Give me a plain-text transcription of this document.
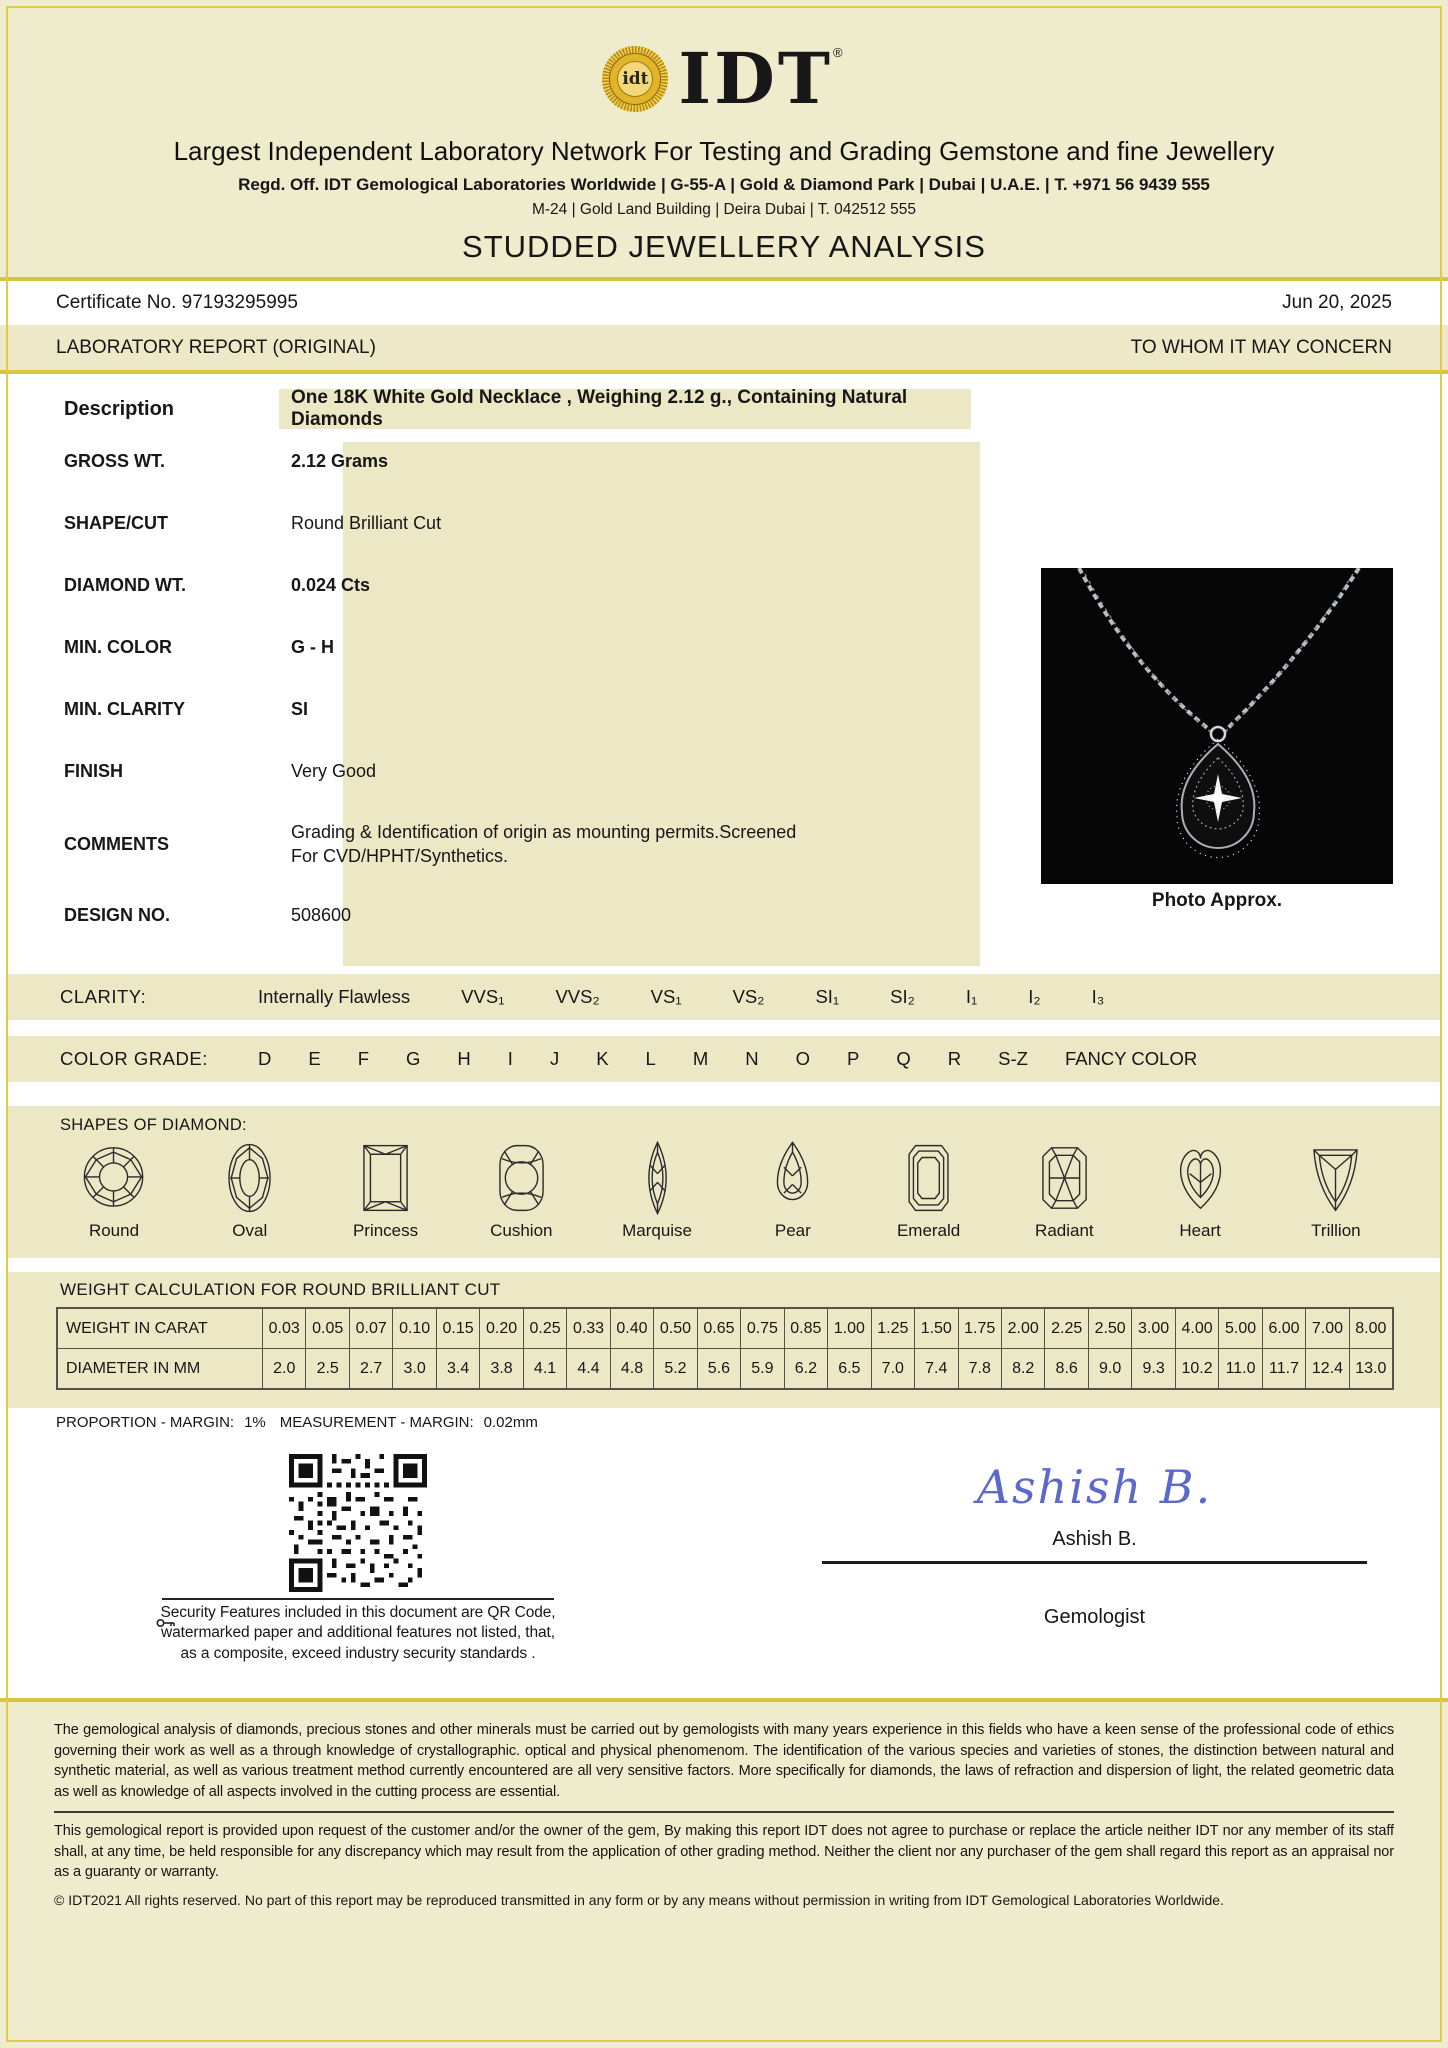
idt IDT®
Largest Independent Laboratory Network For Testing and Grading Gemstone and fine Jewellery
Regd. Off. IDT Gemological Laboratories Worldwide | G-55-A | Gold & Diamond Park | Dubai | U.A.E. | T. +971 56 9439 555
M-24 | Gold Land Building | Deira Dubai | T. 042512 555
STUDDED JEWELLERY ANALYSIS
Certificate No. 97193295995	Jun 20, 2025
LABORATORY REPORT (ORIGINAL)	TO WHOM IT MAY CONCERN
Description	One 18K White Gold Necklace , Weighing 2.12 g., Containing Natural Diamonds
GROSS WT.	2.12 Grams
SHAPE/CUT	Round Brilliant Cut
DIAMOND WT.	0.024 Cts
MIN. COLOR	G - H
MIN. CLARITY	SI
FINISH	Very Good
COMMENTS
Grading & Identification of origin as mounting permits.Screened For CVD/HPHT/Synthetics.
DESIGN NO.	508600
Photo Approx.
CLARITY:	Internally Flawless	VVS₁	VVS₂	VS₁	VS₂	SI₁	SI₂	I₁	I₂	I₃
COLOR GRADE:	D E F G H I J K L M N O P Q R S-Z FANCY COLOR
SHAPES OF DIAMOND:
Round	Oval	Princess	Cushion	Marquise	Pear	Emerald	Radiant	Heart	Trillion
WEIGHT CALCULATION FOR ROUND BRILLIANT CUT
WEIGHT IN CARAT	0.03	0.05	0.07	0.10	0.15	0.20	0.25	0.33	0.40	0.50	0.65	0.75	0.85	1.00	1.25	1.50	1.75	2.00	2.25	2.50	3.00	4.00	5.00	6.00	7.00	8.00
DIAMETER IN MM	2.0	2.5	2.7	3.0	3.4	3.8	4.1	4.4	4.8	5.2	5.6	5.9	6.2	6.5	7.0	7.4	7.8	8.2	8.6	9.0	9.3	10.2	11.0	11.7	12.4	13.0
PROPORTION - MARGIN: 1% MEASUREMENT - MARGIN: 0.02mm
Security Features included in this document are QR Code, watermarked paper and additional features not listed, that, as a composite, exceed industry security standards .
Ashish B.
Ashish B.
Gemologist
The gemological analysis of diamonds, precious stones and other minerals must be carried out by gemologists with many years experience in this fields who have a keen sense of the professional code of ethics governing their work as well as a through knowledge of crystallographic. optical and physical phenomenom. The identification of the various species and varieties of stones, the distinction between natural and synthetic material, as well as various treatment method currently encountered are all very sensitive factors. More specifically for diamonds, the laws of refraction and dispersion of light, the related geometric data as well as knowledge of all aspects involved in the cutting process are essential.
This gemological report is provided upon request of the customer and/or the owner of the gem, By making this report IDT does not agree to purchase or replace the article neither IDT nor any member of its staff shall, at any time, be held responsible for any discrepancy which may result from the application of other grading method. Neither the client nor any purchaser of the gem shall regard this report as an appraisal nor as a guaranty or warranty.
© IDT2021 All rights reserved. No part of this report may be reproduced transmitted in any form or by any means without permission in writing from IDT Gemological Laboratories Worldwide.
